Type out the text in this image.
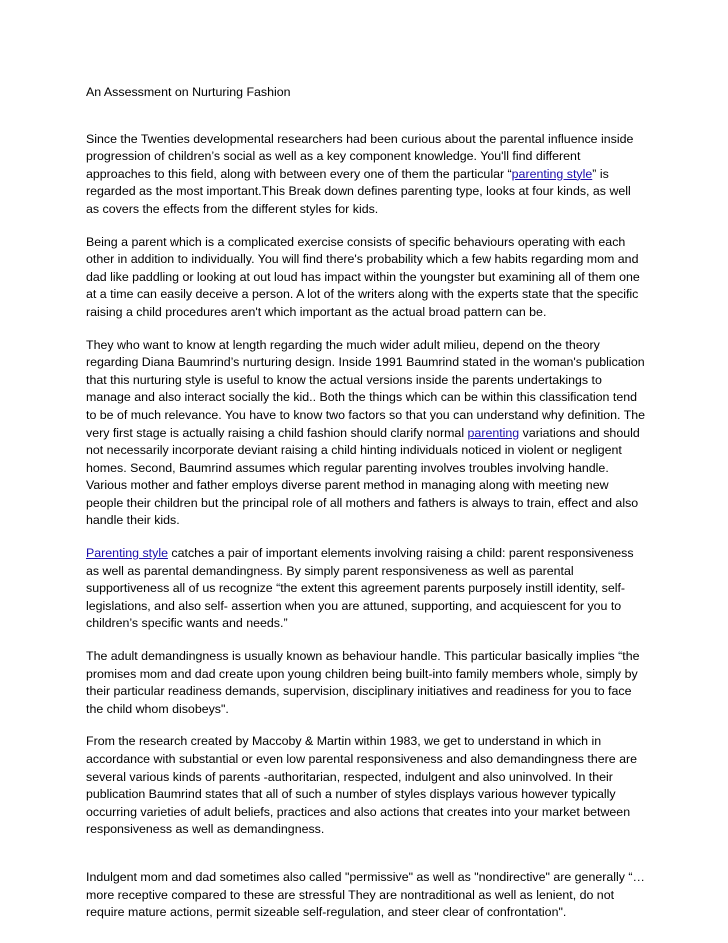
An Assessment on Nurturing Fashion

Since the Twenties developmental researchers had been curious about the parental influence inside progression of children’s social as well as a key component knowledge. You'll find different approaches to this field, along with between every one of them the particular “parenting style” is regarded as the most important.This Break down defines parenting type, looks at four kinds, as well as covers the effects from the different styles for kids.

Being a parent which is a complicated exercise consists of specific behaviours operating with each other in addition to individually. You will find there's probability which a few habits regarding mom and dad like paddling or looking at out loud has impact within the youngster but examining all of them one at a time can easily deceive a person. A lot of the writers along with the experts state that the specific raising a child procedures aren't which important as the actual broad pattern can be.

They who want to know at length regarding the much wider adult milieu, depend on the theory regarding Diana Baumrind’s nurturing design. Inside 1991 Baumrind stated in the woman's publication that this nurturing style is useful to know the actual versions inside the parents undertakings to manage and also interact socially the kid.. Both the things which can be within this classification tend to be of much relevance. You have to know two factors so that you can understand why definition. The very first stage is actually raising a child fashion should clarify normal parenting variations and should not necessarily incorporate deviant raising a child hinting individuals noticed in violent or negligent homes. Second, Baumrind assumes which regular parenting involves troubles involving handle. Various mother and father employs diverse parent method in managing along with meeting new people their children but the principal role of all mothers and fathers is always to train, effect and also handle their kids.

Parenting style catches a pair of important elements involving raising a child: parent responsiveness as well as parental demandingness. By simply parent responsiveness as well as parental supportiveness all of us recognize “the extent this agreement parents purposely instill identity, self- legislations, and also self- assertion when you are attuned, supporting, and acquiescent for you to children’s specific wants and needs.”

The adult demandingness is usually known as behaviour handle. This particular basically implies “the promises mom and dad create upon young children being built-into family members whole, simply by their particular readiness demands, supervision, disciplinary initiatives and readiness for you to face the child whom disobeys".

From the research created by Maccoby & Martin within 1983, we get to understand in which in accordance with substantial or even low parental responsiveness and also demandingness there are several various kinds of parents -authoritarian, respected, indulgent and also uninvolved. In their publication Baumrind states that all of such a number of styles displays various however typically occurring varieties of adult beliefs, practices and also actions that creates into your market between responsiveness as well as demandingness.

Indulgent mom and dad sometimes also called "permissive" as well as "nondirective" are generally “…more receptive compared to these are stressful They are nontraditional as well as lenient, do not require mature actions, permit sizeable self-regulation, and steer clear of confrontation".
